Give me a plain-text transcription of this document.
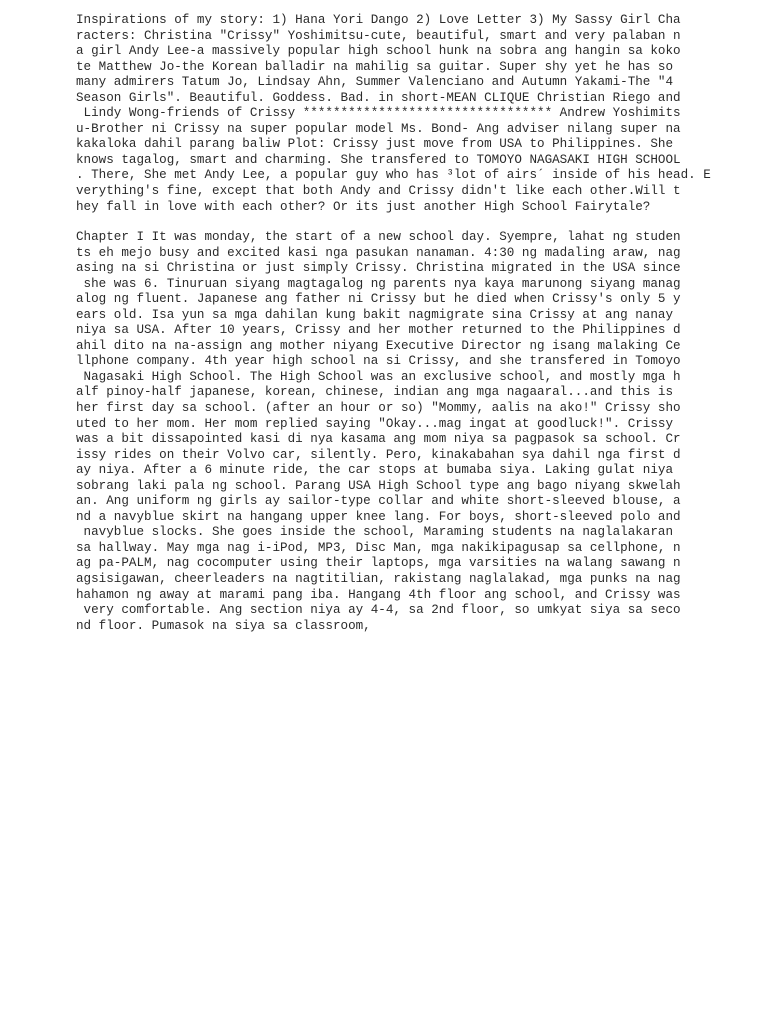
Inspirations of my story: 1) Hana Yori Dango 2) Love Letter 3) My Sassy Girl Cha
racters: Christina "Crissy" Yoshimitsu-cute, beautiful, smart and very palaban n
a girl Andy Lee-a massively popular high school hunk na sobra ang hangin sa koko
te Matthew Jo-the Korean balladir na mahilig sa guitar. Super shy yet he has so
many admirers Tatum Jo, Lindsay Ahn, Summer Valenciano and Autumn Yakami-The "4
Season Girls". Beautiful. Goddess. Bad. in short-MEAN CLIQUE Christian Riego and
Lindy Wong-friends of Crissy ********************************* Andrew Yoshimits
u-Brother ni Crissy na super popular model Ms. Bond- Ang adviser nilang super na
kakaloka dahil parang baliw Plot: Crissy just move from USA to Philippines. She
knows tagalog, smart and charming. She transfered to TOMOYO NAGASAKI HIGH SCHOOL
. There, She met Andy Lee, a popular guy who has ³lot of airs´ inside of his head. E
verything's fine, except that both Andy and Crissy didn't like each other.Will t
hey fall in love with each other? Or its just another High School Fairytale?
Chapter I It was monday, the start of a new school day. Syempre, lahat ng studen
ts eh mejo busy and excited kasi nga pasukan nanaman. 4:30 ng madaling araw, nag
asing na si Christina or just simply Crissy. Christina migrated in the USA since
she was 6. Tinuruan siyang magtagalog ng parents nya kaya marunong siyang manag
alog ng fluent. Japanese ang father ni Crissy but he died when Crissy's only 5 y
ears old. Isa yun sa mga dahilan kung bakit nagmigrate sina Crissy at ang nanay
niya sa USA. After 10 years, Crissy and her mother returned to the Philippines d
ahil dito na na-assign ang mother niyang Executive Director ng isang malaking Ce
llphone company. 4th year high school na si Crissy, and she transfered in Tomoyo
Nagasaki High School. The High School was an exclusive school, and mostly mga h
alf pinoy-half japanese, korean, chinese, indian ang mga nagaaral...and this is
her first day sa school. (after an hour or so) "Mommy, aalis na ako!" Crissy sho
uted to her mom. Her mom replied saying "Okay...mag ingat at goodluck!". Crissy
was a bit dissapointed kasi di nya kasama ang mom niya sa pagpasok sa school. Cr
issy rides on their Volvo car, silently. Pero, kinakabahan sya dahil nga first d
ay niya. After a 6 minute ride, the car stops at bumaba siya. Laking gulat niya
sobrang laki pala ng school. Parang USA High School type ang bago niyang skwelah
an. Ang uniform ng girls ay sailor-type collar and white short-sleeved blouse, a
nd a navyblue skirt na hangang upper knee lang. For boys, short-sleeved polo and
navyblue slocks. She goes inside the school, Maraming students na naglalakaran
sa hallway. May mga nag i-iPod, MP3, Disc Man, mga nakikipagusap sa cellphone, n
ag pa-PALM, nag cocomputer using their laptops, mga varsities na walang sawang n
agsisigawan, cheerleaders na nagtitilian, rakistang naglalakad, mga punks na nag
hahamon ng away at marami pang iba. Hangang 4th floor ang school, and Crissy was
very comfortable. Ang section niya ay 4-4, sa 2nd floor, so umkyat siya sa seco
nd floor. Pumasok na siya sa classroom,
